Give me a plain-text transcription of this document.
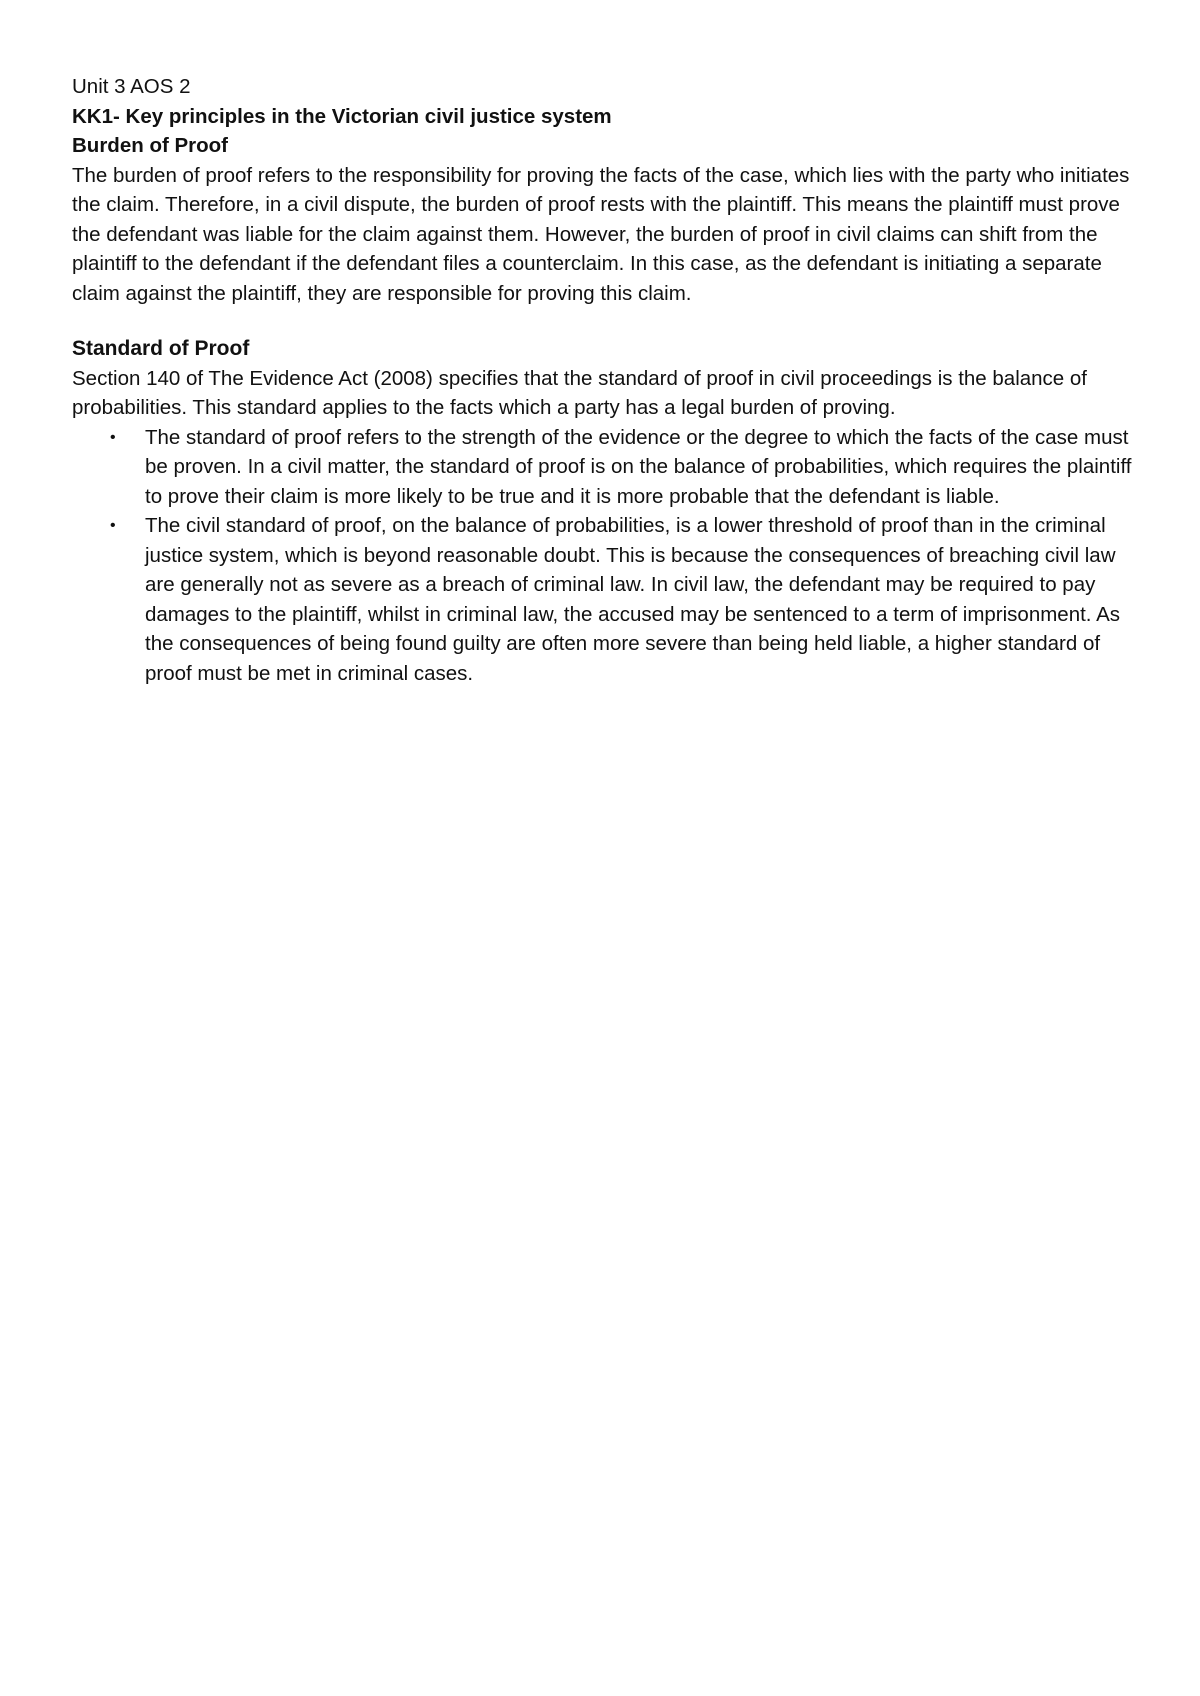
Unit 3 AOS 2

KK1- Key principles in the Victorian civil justice system

Burden of Proof

The burden of proof refers to the responsibility for proving the facts of the case, which lies with the party who initiates the claim. Therefore, in a civil dispute, the burden of proof rests with the plaintiff. This means the plaintiff must prove the defendant was liable for the claim against them. However, the burden of proof in civil claims can shift from the plaintiff to the defendant if the defendant files a counterclaim. In this case, as the defendant is initiating a separate claim against the plaintiff, they are responsible for proving this claim.

Standard of Proof

Section 140 of The Evidence Act (2008) specifies that the standard of proof in civil proceedings is the balance of probabilities. This standard applies to the facts which a party has a legal burden of proving.

• The standard of proof refers to the strength of the evidence or the degree to which the facts of the case must be proven. In a civil matter, the standard of proof is on the balance of probabilities, which requires the plaintiff to prove their claim is more likely to be true and it is more probable that the defendant is liable.
• The civil standard of proof, on the balance of probabilities, is a lower threshold of proof than in the criminal justice system, which is beyond reasonable doubt. This is because the consequences of breaching civil law are generally not as severe as a breach of criminal law. In civil law, the defendant may be required to pay damages to the plaintiff, whilst in criminal law, the accused may be sentenced to a term of imprisonment. As the consequences of being found guilty are often more severe than being held liable, a higher standard of proof must be met in criminal cases.
